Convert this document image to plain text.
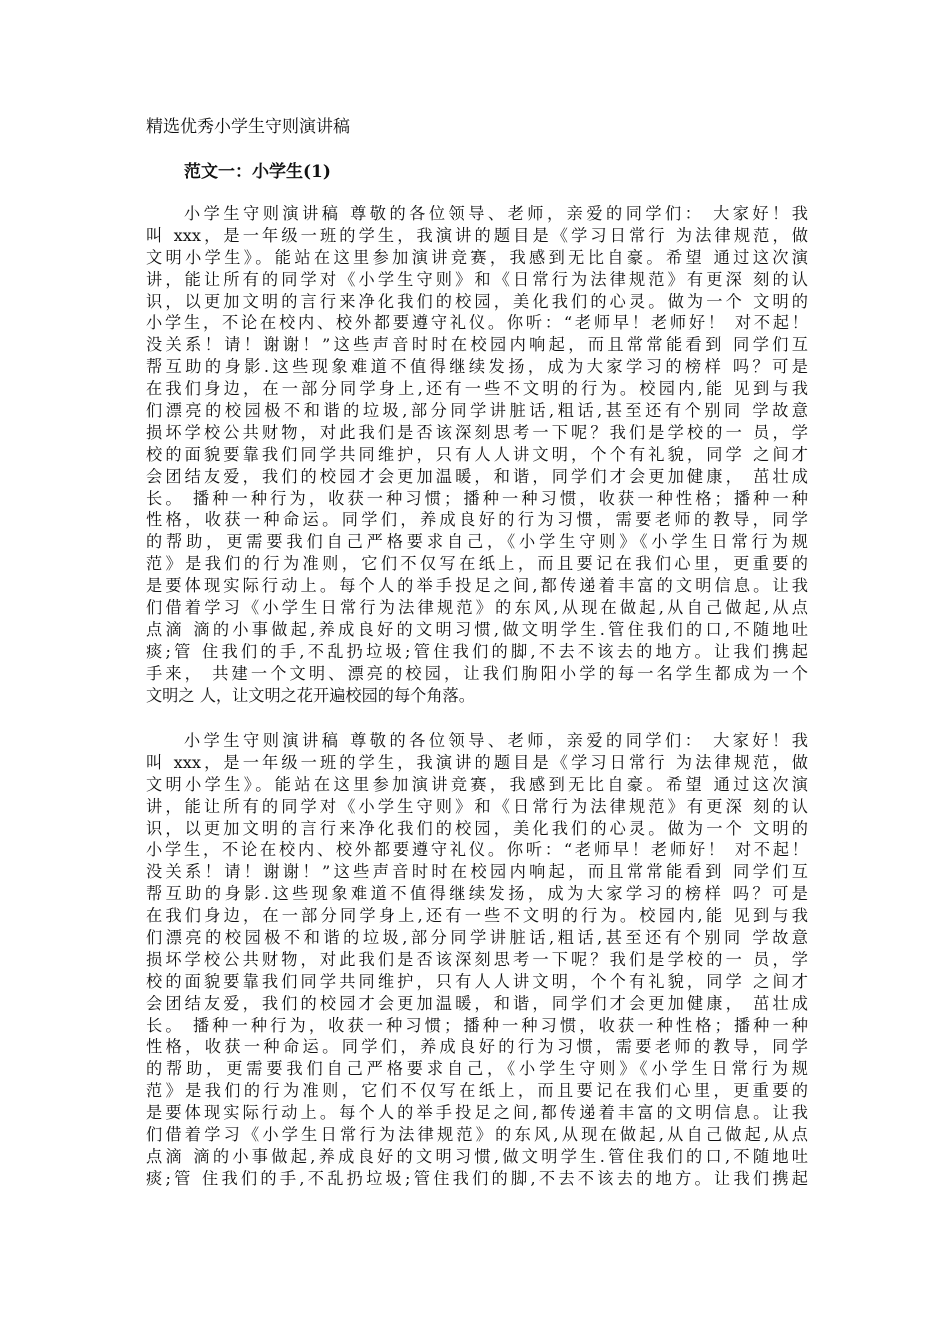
精选优秀小学生守则演讲稿
范文一：小学生(1)
小学生守则演讲稿 尊敬的各位领导、老师，亲爱的同学们： 大家好！我
叫 xxx，是一年级一班的学生，我演讲的题目是《学习日常行 为法律规范，做
文明小学生》。能站在这里参加演讲竞赛，我感到无比自豪。希望 通过这次演
讲，能让所有的同学对《小学生守则》和《日常行为法律规范》有更深 刻的认
识，以更加文明的言行来净化我们的校园，美化我们的心灵。做为一个 文明的
小学生，不论在校内、校外都要遵守礼仪。你听：“老师早！老师好！ 对不起！
没关系！请！谢谢！”这些声音时时在校园内响起，而且常常能看到 同学们互
帮互助的身影.这些现象难道不值得继续发扬，成为大家学习的榜样 吗？可是
在我们身边，在一部分同学身上,还有一些不文明的行为。校园内,能 见到与我
们漂亮的校园极不和谐的垃圾,部分同学讲脏话,粗话,甚至还有个别同 学故意
损坏学校公共财物，对此我们是否该深刻思考一下呢？我们是学校的一 员，学
校的面貌要靠我们同学共同维护，只有人人讲文明，个个有礼貌，同学 之间才
会团结友爱，我们的校园才会更加温暖，和谐，同学们才会更加健康， 茁壮成
长。 播种一种行为，收获一种习惯；播种一种习惯，收获一种性格；播种一种
性格，收获一种命运。同学们，养成良好的行为习惯，需要老师的教导，同学
的帮助，更需要我们自己严格要求自己，《小学生守则》《小学生日常行为规
范》是我们的行为准则，它们不仅写在纸上，而且要记在我们心里，更重要的
是要体现实际行动上。每个人的举手投足之间,都传递着丰富的文明信息。让我
们借着学习《小学生日常行为法律规范》的东风,从现在做起,从自己做起,从点
点滴 滴的小事做起,养成良好的文明习惯,做文明学生.管住我们的口,不随地吐
痰;管 住我们的手,不乱扔垃圾;管住我们的脚,不去不该去的地方。让我们携起
手来， 共建一个文明、漂亮的校园，让我们朐阳小学的每一名学生都成为一个
文明之 人，让文明之花开遍校园的每个角落。
小学生守则演讲稿 尊敬的各位领导、老师，亲爱的同学们： 大家好！我
叫 xxx，是一年级一班的学生，我演讲的题目是《学习日常行 为法律规范，做
文明小学生》。能站在这里参加演讲竞赛，我感到无比自豪。希望 通过这次演
讲，能让所有的同学对《小学生守则》和《日常行为法律规范》有更深 刻的认
识，以更加文明的言行来净化我们的校园，美化我们的心灵。做为一个 文明的
小学生，不论在校内、校外都要遵守礼仪。你听：“老师早！老师好！ 对不起！
没关系！请！谢谢！”这些声音时时在校园内响起，而且常常能看到 同学们互
帮互助的身影.这些现象难道不值得继续发扬，成为大家学习的榜样 吗？可是
在我们身边，在一部分同学身上,还有一些不文明的行为。校园内,能 见到与我
们漂亮的校园极不和谐的垃圾,部分同学讲脏话,粗话,甚至还有个别同 学故意
损坏学校公共财物，对此我们是否该深刻思考一下呢？我们是学校的一 员，学
校的面貌要靠我们同学共同维护，只有人人讲文明，个个有礼貌，同学 之间才
会团结友爱，我们的校园才会更加温暖，和谐，同学们才会更加健康， 茁壮成
长。 播种一种行为，收获一种习惯；播种一种习惯，收获一种性格；播种一种
性格，收获一种命运。同学们，养成良好的行为习惯，需要老师的教导，同学
的帮助，更需要我们自己严格要求自己，《小学生守则》《小学生日常行为规
范》是我们的行为准则，它们不仅写在纸上，而且要记在我们心里，更重要的
是要体现实际行动上。每个人的举手投足之间,都传递着丰富的文明信息。让我
们借着学习《小学生日常行为法律规范》的东风,从现在做起,从自己做起,从点
点滴 滴的小事做起,养成良好的文明习惯,做文明学生.管住我们的口,不随地吐
痰;管 住我们的手,不乱扔垃圾;管住我们的脚,不去不该去的地方。让我们携起
